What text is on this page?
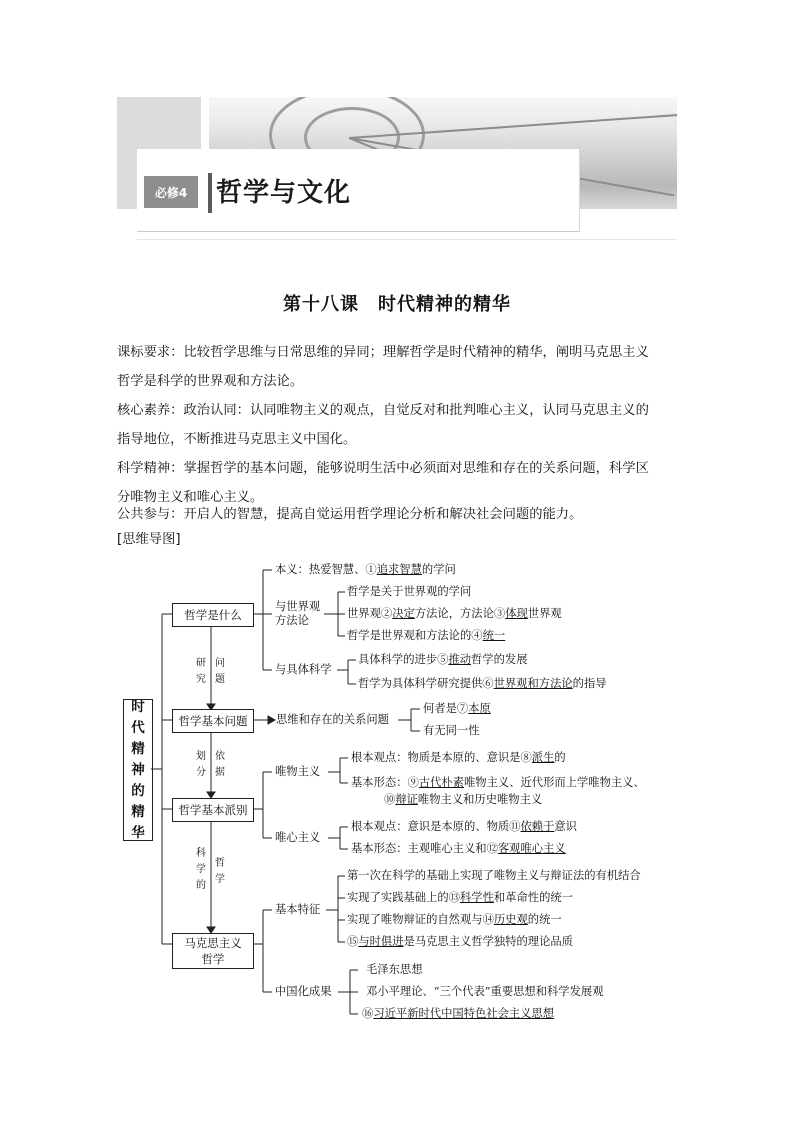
必修4	哲学与文化
第十八课　时代精神的精华
课标要求：比较哲学思维与日常思维的异同；理解哲学是时代精神的精华，阐明马克思主义
哲学是科学的世界观和方法论。
核心素养：政治认同：认同唯物主义的观点，自觉反对和批判唯心主义，认同马克思主义的
指导地位，不断推进马克思主义中国化。
科学精神：掌握哲学的基本问题，能够说明生活中必须面对思维和存在的关系问题，科学区
分唯物主义和唯心主义。
公共参与：开启人的智慧，提高自觉运用哲学理论分析和解决社会问题的能力。
[思维导图]
时
代
精
神
的
精
华
哲学是什么
哲学基本问题
哲学基本派别
马克思主义
哲学
研
究
问
题
划
分
依
据
科
学
的
哲
学
本义：热爱智慧、①追求智慧的学问
与世界观
方法论
哲学是关于世界观的学问
世界观②决定方法论，方法论③体现世界观
哲学是世界观和方法论的④统一
与具体科学
具体科学的进步⑤推动哲学的发展
哲学为具体科学研究提供⑥世界观和方法论的指导
思维和存在的关系问题
何者是⑦本原
有无同一性
唯物主义
根本观点：物质是本原的、意识是⑧派生的
基本形态：⑨古代朴素唯物主义、近代形而上学唯物主义、
⑩辩证唯物主义和历史唯物主义
唯心主义
根本观点：意识是本原的、物质⑪依赖于意识
基本形态：主观唯心主义和⑫客观唯心主义
基本特征
第一次在科学的基础上实现了唯物主义与辩证法的有机结合
实现了实践基础上的⑬科学性和革命性的统一
实现了唯物辩证的自然观与⑭历史观的统一
⑮与时俱进是马克思主义哲学独特的理论品质
中国化成果
毛泽东思想
邓小平理论、“三个代表”重要思想和科学发展观
⑯习近平新时代中国特色社会主义思想
